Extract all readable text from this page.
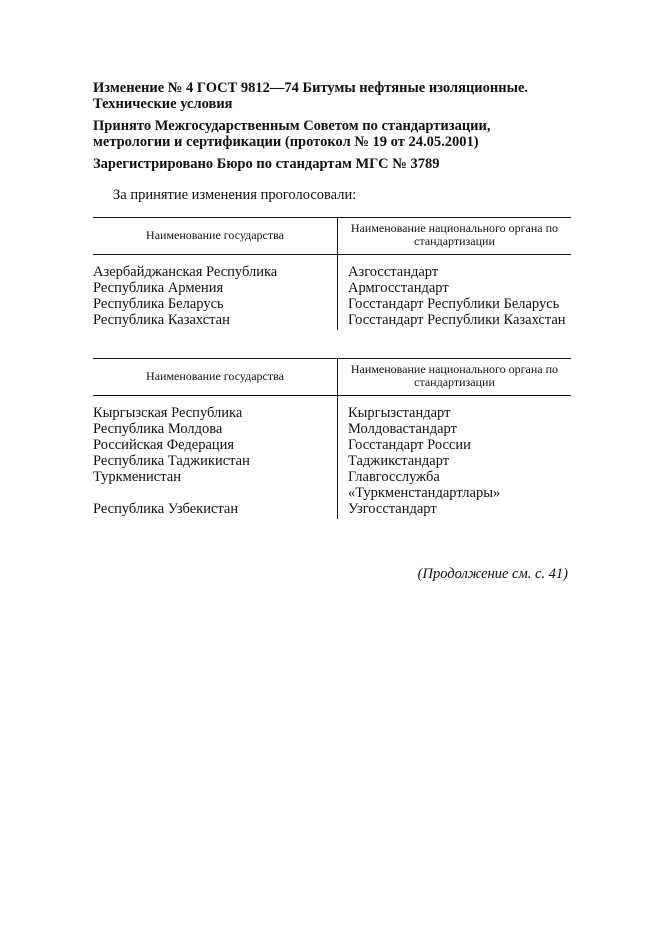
Изменение № 4 ГОСТ 9812—74 Битумы нефтяные изоляционные. Технические условия
Принято Межгосударственным Советом по стандартизации, метрологии и сертификации (протокол № 19 от 24.05.2001)
Зарегистрировано Бюро по стандартам МГС № 3789
За принятие изменения проголосовали:
Наименование государства	Наименование национального органа по стандартизации
Азербайджанская Республика	Азгосстандарт
Республика Армения	Армгосстандарт
Республика Беларусь	Госстандарт Республики Беларусь
Республика Казахстан	Госстандарт Республики Казахстан
Наименование государства	Наименование национального органа по стандартизации
Кыргызская Республика	Кыргызстандарт
Республика Молдова	Молдовастандарт
Российская Федерация	Госстандарт России
Республика Таджикистан	Таджикстандарт
Туркменистан	Главгосслужба «Туркменстандартлары»
Республика Узбекистан	Узгосстандарт
(Продолжение см. с. 41)
